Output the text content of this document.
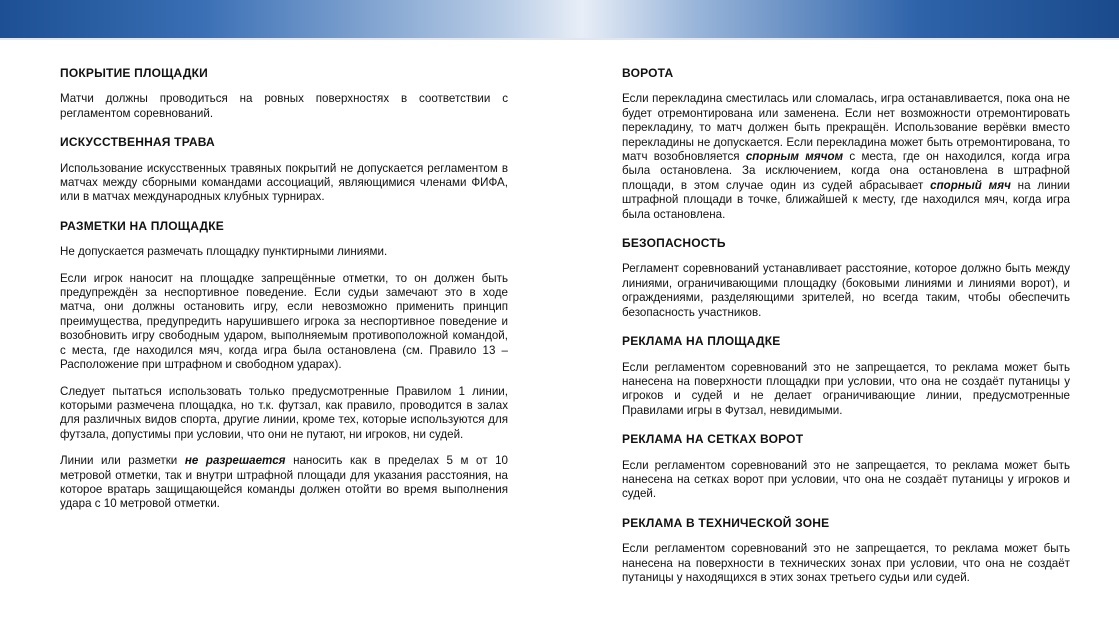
ПОКРЫТИЕ ПЛОЩАДКИ

Матчи должны проводиться на ровных поверхностях в соответствии с регламентом соревнований.

ИСКУССТВЕННАЯ ТРАВА

Использование искусственных травяных покрытий не допускается регламентом в матчах между сборными командами ассоциаций, являющимися членами ФИФА, или в матчах международных клубных турнирах.

РАЗМЕТКИ НА ПЛОЩАДКЕ

Не допускается размечать площадку пунктирными линиями.

Если игрок наносит на площадке запрещённые отметки, то он должен быть предупреждён за неспортивное поведение. Если судьи замечают это в ходе матча, они должны остановить игру, если невозможно применить принцип преимущества, предупредить нарушившего игрока за неспортивное поведение и возобновить игру свободным ударом, выполняемым противоположной командой, с места, где находился мяч, когда игра была остановлена (см. Правило 13 – Расположение при штрафном и свободном ударах).

Следует пытаться использовать только предусмотренные Правилом 1 линии, которыми размечена площадка, но т.к. футзал, как правило, проводится в залах для различных видов спорта, другие линии, кроме тех, которые используются для футзала, допустимы при условии, что они не путают, ни игроков, ни судей.

Линии или разметки не разрешается наносить как в пределах 5 м от 10 метровой отметки, так и внутри штрафной площади для указания расстояния, на которое вратарь защищающейся команды должен отойти во время выполнения удара с 10 метровой отметки.

ВОРОТА

Если перекладина сместилась или сломалась, игра останавливается, пока она не будет отремонтирована или заменена. Если нет возможности отремонтировать перекладину, то матч должен быть прекращён. Использование верёвки вместо перекладины не допускается. Если перекладина может быть отремонтирована, то матч возобновляется спорным мячом с места, где он находился, когда игра была остановлена. За исключением, когда она остановлена в штрафной площади, в этом случае один из судей абрасывает спорный мяч на линии штрафной площади в точке, ближайшей к месту, где находился мяч, когда игра была остановлена.

БЕЗОПАСНОСТЬ

Регламент соревнований устанавливает расстояние, которое должно быть между линиями, ограничивающими площадку (боковыми линиями и линиями ворот), и ограждениями, разделяющими зрителей, но всегда таким, чтобы обеспечить безопасность участников.

РЕКЛАМА НА ПЛОЩАДКЕ

Если регламентом соревнований это не запрещается, то реклама может быть нанесена на поверхности площадки при условии, что она не создаёт путаницы у игроков и судей и не делает ограничивающие линии, предусмотренные Правилами игры в Футзал, невидимыми.

РЕКЛАМА НА СЕТКАХ ВОРОТ

Если регламентом соревнований это не запрещается, то реклама может быть нанесена на сетках ворот при условии, что она не создаёт путаницы у игроков и судей.

РЕКЛАМА В ТЕХНИЧЕСКОЙ ЗОНЕ

Если регламентом соревнований это не запрещается, то реклама может быть нанесена на поверхности в технических зонах при условии, что она не создаёт путаницы у находящихся в этих зонах третьего судьи или судей.
